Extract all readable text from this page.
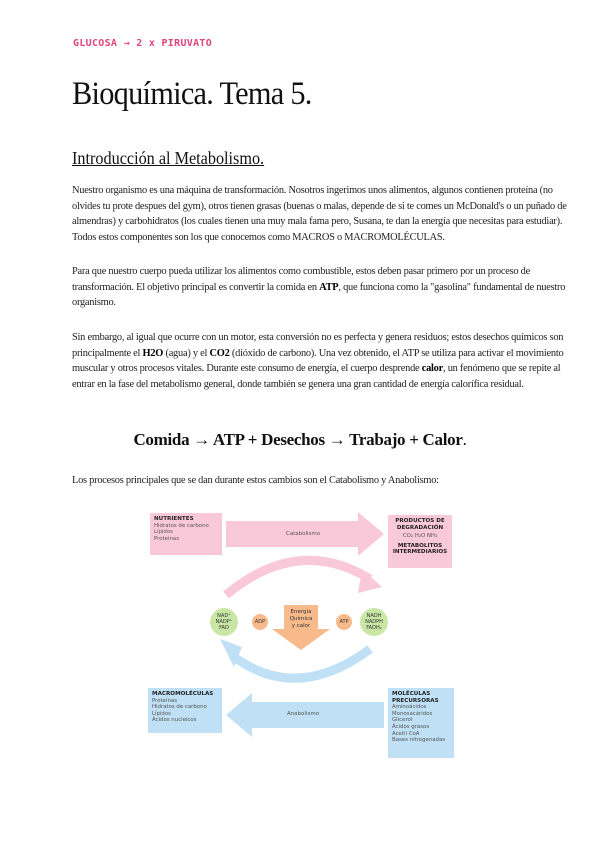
GLUCOSA → 2 x PIRUVATO
Bioquímica. Tema 5.
Introducción al Metabolismo.

Nuestro organismo es una máquina de transformación. Nosotros ingerimos unos alimentos, algunos contienen proteína (no olvides tu prote despues del gym), otros tienen grasas (buenas o malas, depende de si te comes un McDonald's o un puñado de almendras) y carbohidratos (los cuales tienen una muy mala fama pero, Susana, te dan la energía que necesitas para estudiar). Todos estos componentes son los que conocemos como MACROS o MACROMOLÉCULAS.

Para que nuestro cuerpo pueda utilizar los alimentos como combustible, estos deben pasar primero por un proceso de transformación. El objetivo principal es convertir la comida en ATP, que funciona como la "gasolina" fundamental de nuestro organismo.

Sin embargo, al igual que ocurre con un motor, esta conversión no es perfecta y genera residuos; estos desechos químicos son principalmente el H2O (agua) y el CO2 (dióxido de carbono). Una vez obtenido, el ATP se utiliza para activar el movimiento muscular y otros procesos vitales. Durante este consumo de energía, el cuerpo desprende calor, un fenómeno que se repite al entrar en la fase del metabolismo general, donde también se genera una gran cantidad de energía calorífica residual.

Comida → ATP + Desechos → Trabajo + Calor.

Los procesos principales que se dan durante estos cambios son el Catabolismo y Anabolismo:

NUTRIENTES
Hidratos de carbono
Lípidos
Proteínas
Catabolismo
PRODUCTOS DE DEGRADACIÓN
CO₂ H₂O NH₃
METABOLITOS INTERMEDIARIOS
NAD⁺
NADP⁺
FAD
ADP
Energía
Química
y calor
ATP
NADH
NADPH
FADH₂
MACROMOLÉCULAS
Proteínas
Hidratos de carbono
Lípidos
Ácidos nucleicos
Anabolismo
MOLÉCULAS PRECURSORAS
Aminoácidos
Monosacáridos
Glicerol
Ácidos grasos
Acetil CoA
Bases nitrogenadas
